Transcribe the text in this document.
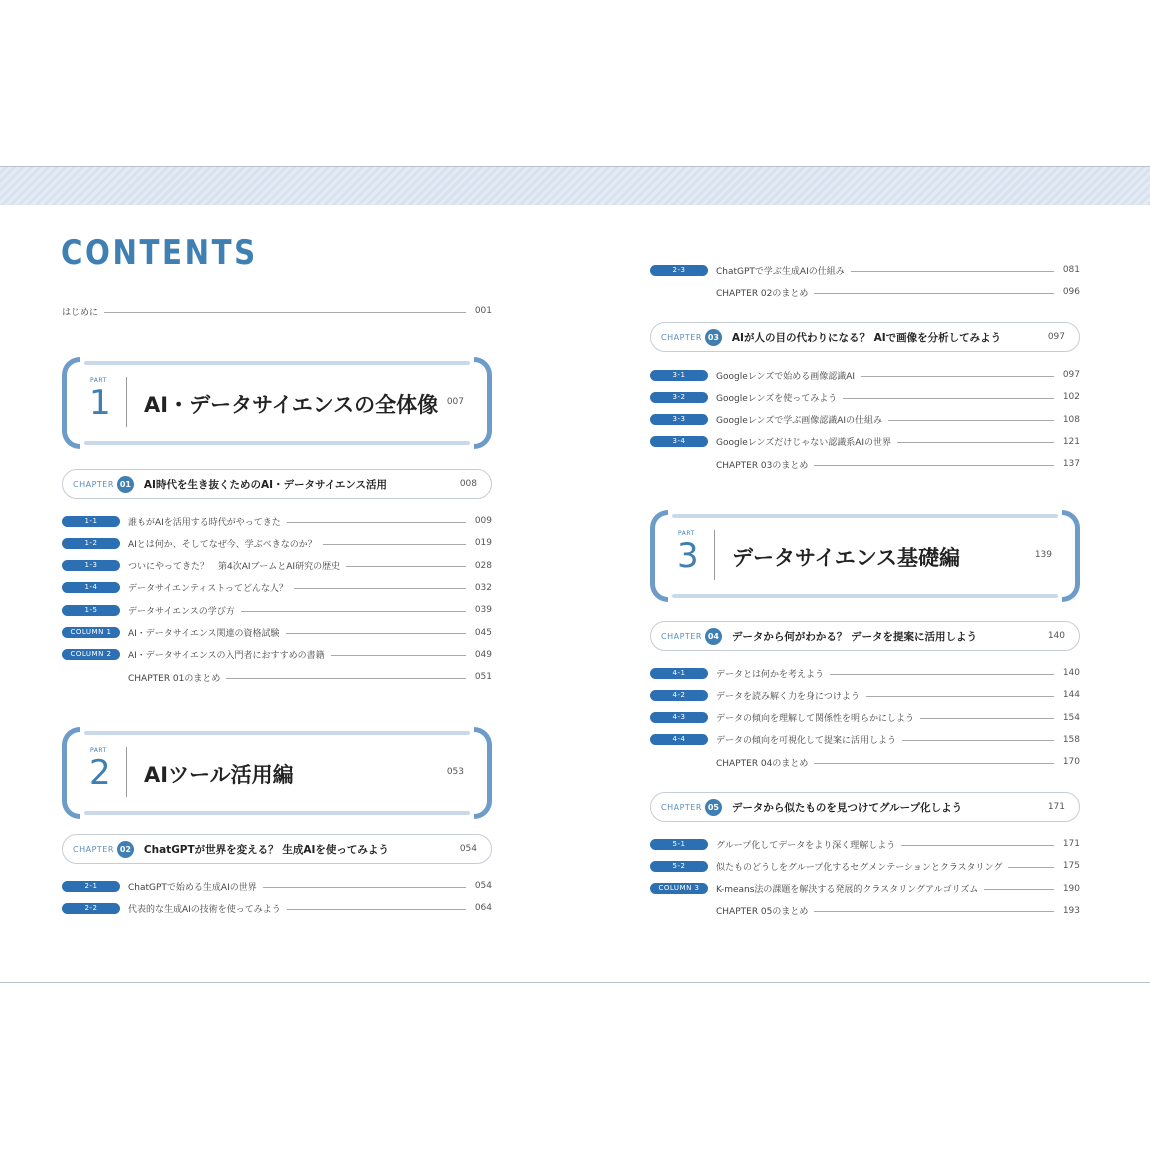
CONTENTS
はじめに	001
PART
1 AI・データサイエンスの全体像 007
CHAPTER 01 AI時代を生き抜くためのAI・データサイエンス活用	008
1-1	誰もがAIを活用する時代がやってきた	009
1-2	AIとは何か、そしてなぜ今、学ぶべきなのか？	019
1-3	ついにやってきた？　第4次AIブームとAI研究の歴史	028
1-4	データサイエンティストってどんな人？	032
1-5	データサイエンスの学び方	039
COLUMN 1	AI・データサイエンス関連の資格試験	045
COLUMN 2	AI・データサイエンスの入門者におすすめの書籍	049
CHAPTER 01のまとめ	051
PART
2 AIツール活用編	053
CHAPTER 02 ChatGPTが世界を変える？ 生成AIを使ってみよう	054
2-1	ChatGPTで始める生成AIの世界	054
2-2	代表的な生成AIの技術を使ってみよう	064
2-3	ChatGPTで学ぶ生成AIの仕組み	081
CHAPTER 02のまとめ	096
CHAPTER 03 AIが人の目の代わりになる？ AIで画像を分析してみよう	097
3-1	Googleレンズで始める画像認識AI	097
3-2	Googleレンズを使ってみよう	102
3-3	Googleレンズで学ぶ画像認識AIの仕組み	108
3-4	Googleレンズだけじゃない認識系AIの世界	121
CHAPTER 03のまとめ	137
PART
3 データサイエンス基礎編	139
CHAPTER 04 データから何がわかる？ データを提案に活用しよう	140
4-1	データとは何かを考えよう	140
4-2	データを読み解く力を身につけよう	144
4-3	データの傾向を理解して関係性を明らかにしよう	154
4-4	データの傾向を可視化して提案に活用しよう	158
CHAPTER 04のまとめ	170
CHAPTER 05 データから似たものを見つけてグループ化しよう	171
5-1	グループ化してデータをより深く理解しよう	171
5-2	似たものどうしをグループ化するセグメンテーションとクラスタリング	175
COLUMN 3	K-means法の課題を解決する発展的クラスタリングアルゴリズム	190
CHAPTER 05のまとめ	193
